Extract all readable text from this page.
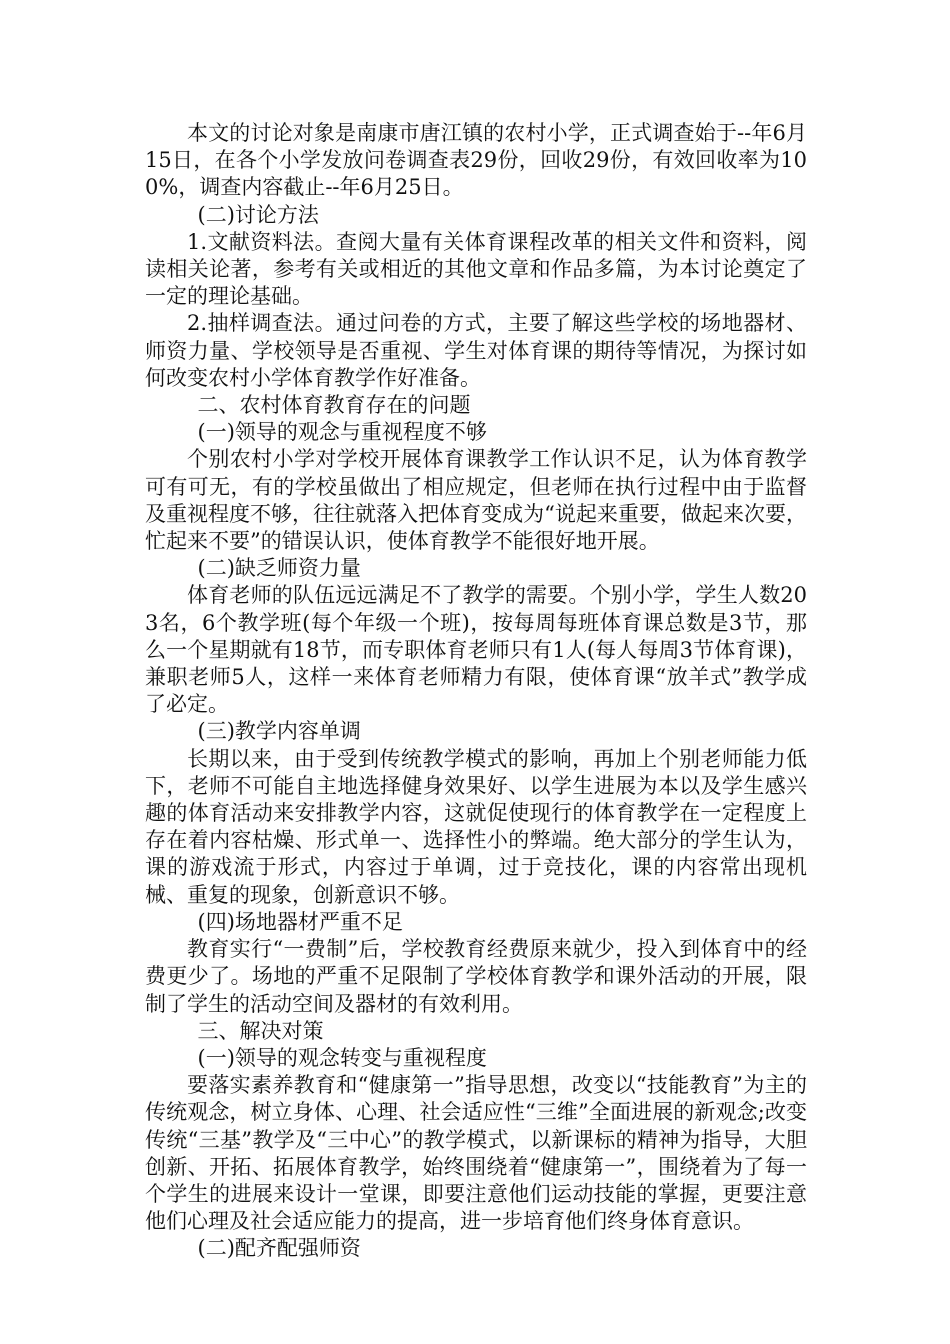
本文的讨论对象是南康市唐江镇的农村小学，正式调查始于--年6月15日，在各个小学发放问卷调查表29份，回收29份，有效回收率为100%，调查内容截止--年6月25日。

(二)讨论方法

1.文献资料法。查阅大量有关体育课程改革的相关文件和资料，阅读相关论著，参考有关或相近的其他文章和作品多篇，为本讨论奠定了一定的理论基础。

2.抽样调查法。通过问卷的方式，主要了解这些学校的场地器材、师资力量、学校领导是否重视、学生对体育课的期待等情况，为探讨如何改变农村小学体育教学作好准备。

二、农村体育教育存在的问题

(一)领导的观念与重视程度不够

个别农村小学对学校开展体育课教学工作认识不足，认为体育教学可有可无，有的学校虽做出了相应规定，但老师在执行过程中由于监督及重视程度不够，往往就落入把体育变成为“说起来重要，做起来次要，忙起来不要”的错误认识，使体育教学不能很好地开展。

(二)缺乏师资力量

体育老师的队伍远远满足不了教学的需要。个别小学，学生人数203名，6个教学班(每个年级一个班)，按每周每班体育课总数是3节，那么一个星期就有18节，而专职体育老师只有1人(每人每周3节体育课)，兼职老师5人，这样一来体育老师精力有限，使体育课“放羊式”教学成了必定。

(三)教学内容单调

长期以来，由于受到传统教学模式的影响，再加上个别老师能力低下，老师不可能自主地选择健身效果好、以学生进展为本以及学生感兴趣的体育活动来安排教学内容，这就促使现行的体育教学在一定程度上存在着内容枯燥、形式单一、选择性小的弊端。绝大部分的学生认为，课的游戏流于形式，内容过于单调，过于竞技化，课的内容常出现机械、重复的现象，创新意识不够。

(四)场地器材严重不足

教育实行“一费制”后，学校教育经费原来就少，投入到体育中的经费更少了。场地的严重不足限制了学校体育教学和课外活动的开展，限制了学生的活动空间及器材的有效利用。

三、解决对策

(一)领导的观念转变与重视程度

要落实素养教育和“健康第一”指导思想，改变以“技能教育”为主的传统观念，树立身体、心理、社会适应性“三维”全面进展的新观念;改变传统“三基”教学及“三中心”的教学模式，以新课标的精神为指导，大胆创新、开拓、拓展体育教学，始终围绕着“健康第一”，围绕着为了每一个学生的进展来设计一堂课，即要注意他们运动技能的掌握，更要注意他们心理及社会适应能力的提高，进一步培育他们终身体育意识。

(二)配齐配强师资
